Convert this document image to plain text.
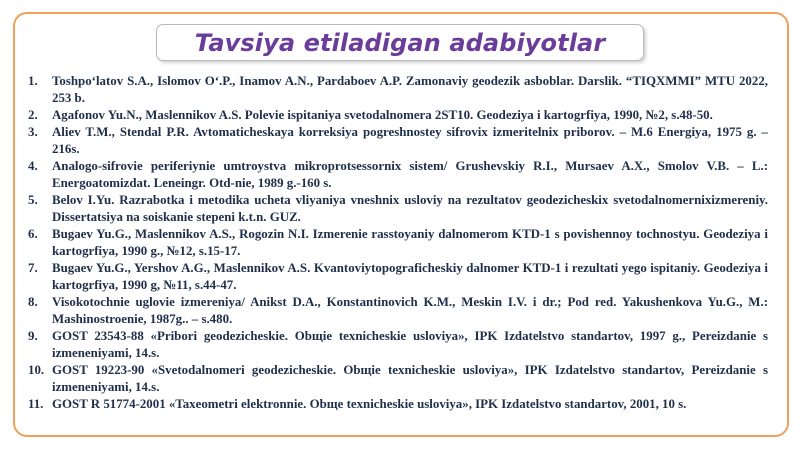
Tavsiya etiladigan adabiyotlar
1.	Toshpo‘latov S.A., Islomov O‘.P., Inamov A.N., Pardaboev A.P. Zamonaviy geodezik asboblar. Darslik. “TIQXMMI” MTU 2022, 253 b.
2.	Agafonov Yu.N., Maslennikov A.S. Polevie ispitaniya svetodalnomera 2ST10. Geodeziya i kartogrfiya, 1990, №2, s.48-50.
3.	Aliev T.M., Stendal P.R. Avtomaticheskaya korreksiya pogreshnostey sifrovix izmeritelnix priborov. – M.6 Energiya, 1975 g. – 216s.
4.	Analogo-sifrovie periferiynie umtroystva mikroprotsessornix sistem/ Grushevskiy R.I., Mursaev A.X., Smolov V.B. – L.: Energoatomizdat. Leneingr. Otd-nie, 1989 g.-160 s.
5.	Belov I.Yu. Razrabotka i metodika ucheta vliyaniya vneshnix usloviy na rezultatov geodezicheskix svetodalnomernixizmereniy. Dissertatsiya na soiskanie stepeni k.t.n. GUZ.
6.	Bugaev Yu.G., Maslennikov A.S., Rogozin N.I. Izmerenie rasstoyaniy dalnomerom KTD-1 s povishennoy tochnostyu. Geodeziya i kartogrfiya, 1990 g., №12, s.15-17.
7.	Bugaev Yu.G., Yershov A.G., Maslennikov A.S. Kvantoviytopograficheskiy dalnomer KTD-1 i rezultati yego ispitaniy. Geodeziya i kartogrfiya, 1990 g, №11, s.44-47.
8.	Visokotochnie uglovie izmereniya/ Anikst D.A., Konstantinovich K.M., Meskin I.V. i dr.; Pod red. Yakushenkova Yu.G., M.: Mashinostroenie, 1987g.. – s.480.
9.	GOST 23543-88 «Pribori geodezicheskie. Obщie texnicheskie usloviya», IPK Izdatelstvo standartov, 1997 g., Pereizdanie s izmeneniyami, 14.s.
10. GOST 19223-90 «Svetodalnomeri geodezicheskie. Obщie texnicheskie usloviya», IPK Izdatelstvo standartov, Pereizdanie s izmeneniyami, 14.s.
11. GOST R 51774-2001 «Taxeometri elektronnie. Obщe texnicheskie usloviya», IPK Izdatelstvo standartov, 2001, 10 s.
